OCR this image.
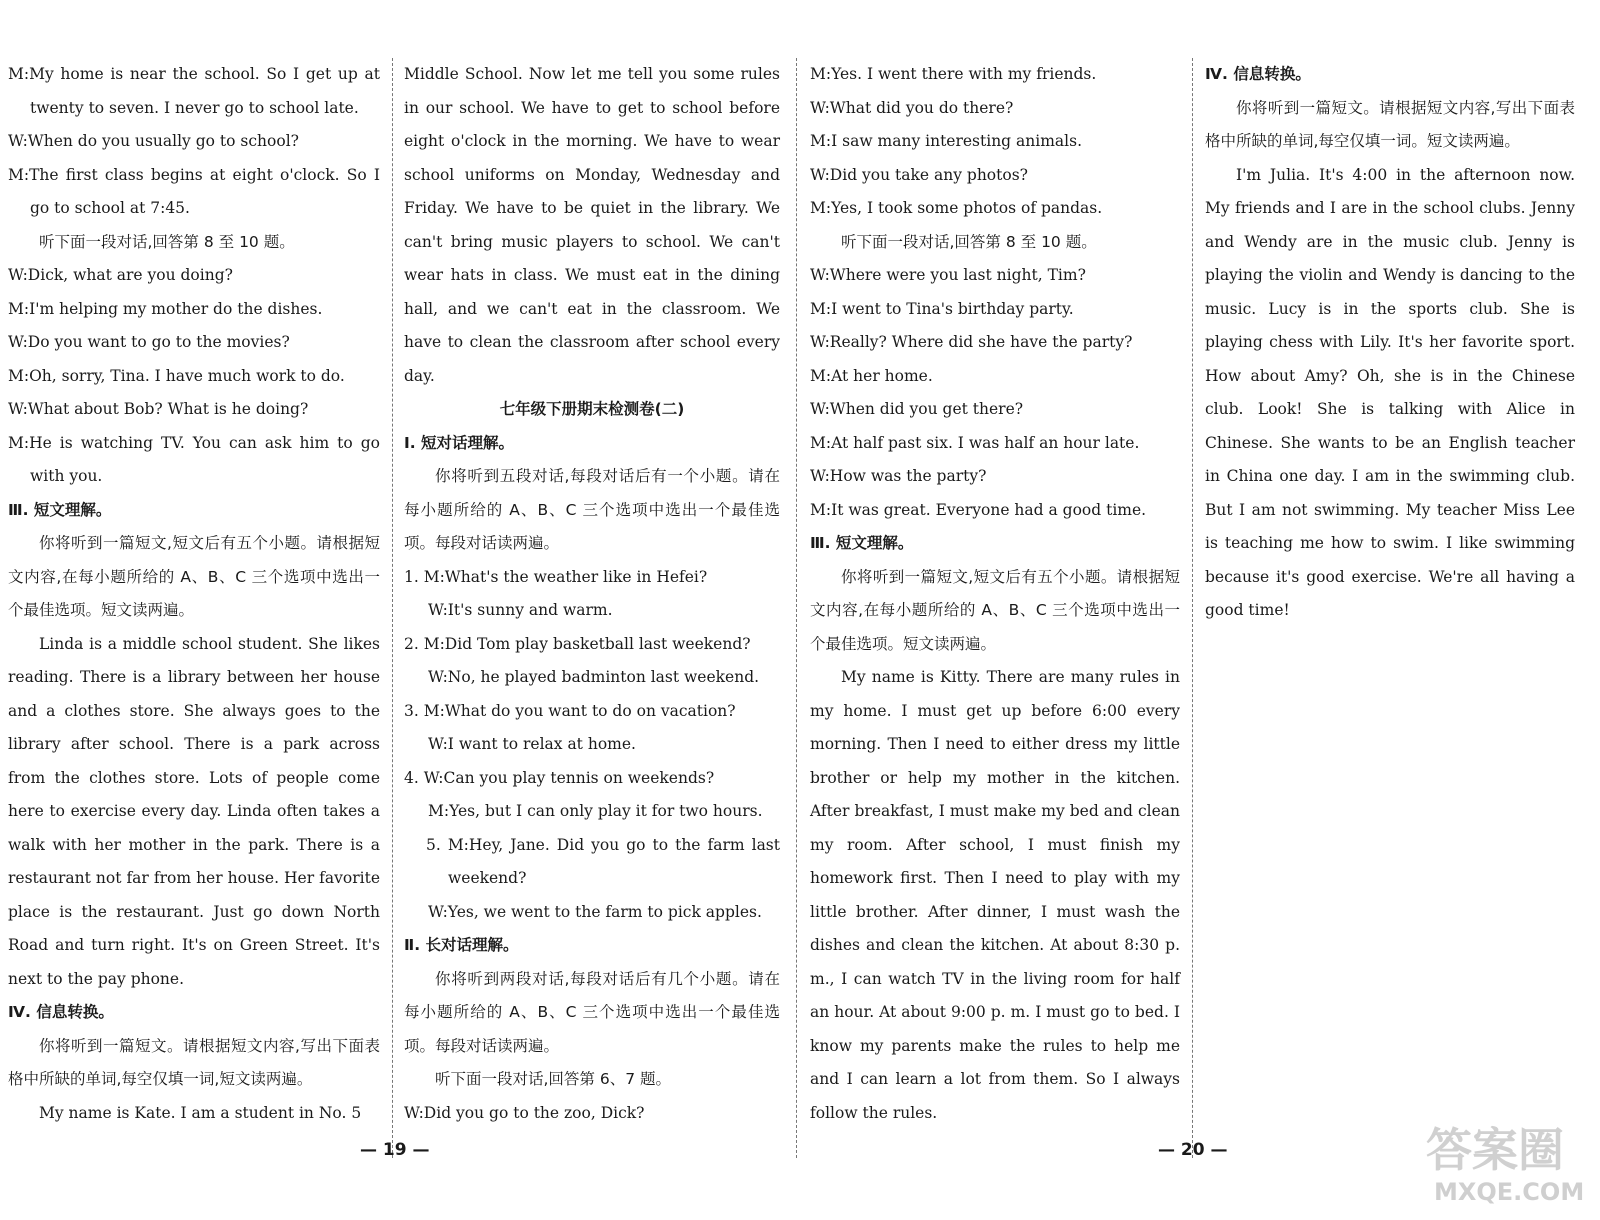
M:My home is near the school. So I get up at twenty to seven. I never go to school late.

W:When do you usually go to school?

M:The first class begins at eight o'clock. So I go to school at 7:45.

听下面一段对话,回答第 8 至 10 题。

W:Dick, what are you doing?

M:I'm helping my mother do the dishes.

W:Do you want to go to the movies?

M:Oh, sorry, Tina. I have much work to do.

W:What about Bob? What is he doing?

M:He is watching TV. You can ask him to go with you.

Ⅲ. 短文理解。

你将听到一篇短文,短文后有五个小题。请根据短文内容,在每小题所给的 A、B、C 三个选项中选出一个最佳选项。短文读两遍。

Linda is a middle school student. She likes reading. There is a library between her house and a clothes store. She always goes to the library after school. There is a park across from the clothes store. Lots of people come here to exercise every day. Linda often takes a walk with her mother in the park. There is a restaurant not far from her house. Her favorite place is the restaurant. Just go down North Road and turn right. It's on Green Street. It's next to the pay phone.

Ⅳ. 信息转换。

你将听到一篇短文。请根据短文内容,写出下面表格中所缺的单词,每空仅填一词,短文读两遍。

My name is Kate. I am a student in No. 5

Middle School. Now let me tell you some rules in our school. We have to get to school before eight o'clock in the morning. We have to wear school uniforms on Monday, Wednesday and Friday. We have to be quiet in the library. We can't bring music players to school. We can't wear hats in class. We must eat in the dining hall, and we can't eat in the classroom. We have to clean the classroom after school every day.

七年级下册期末检测卷(二)

Ⅰ. 短对话理解。

你将听到五段对话,每段对话后有一个小题。请在每小题所给的 A、B、C 三个选项中选出一个最佳选项。每段对话读两遍。

1. M:What's the weather like in Hefei?

W:It's sunny and warm.

2. M:Did Tom play basketball last weekend?

W:No, he played badminton last weekend.

3. M:What do you want to do on vacation?

W:I want to relax at home.

4. W:Can you play tennis on weekends?

M:Yes, but I can only play it for two hours.

5. M:Hey, Jane. Did you go to the farm last weekend?

W:Yes, we went to the farm to pick apples.

Ⅱ. 长对话理解。

你将听到两段对话,每段对话后有几个小题。请在每小题所给的 A、B、C 三个选项中选出一个最佳选项。每段对话读两遍。

听下面一段对话,回答第 6、7 题。

W:Did you go to the zoo, Dick?

M:Yes. I went there with my friends.

W:What did you do there?

M:I saw many interesting animals.

W:Did you take any photos?

M:Yes, I took some photos of pandas.

听下面一段对话,回答第 8 至 10 题。

W:Where were you last night, Tim?

M:I went to Tina's birthday party.

W:Really? Where did she have the party?

M:At her home.

W:When did you get there?

M:At half past six. I was half an hour late.

W:How was the party?

M:It was great. Everyone had a good time.

Ⅲ. 短文理解。

你将听到一篇短文,短文后有五个小题。请根据短文内容,在每小题所给的 A、B、C 三个选项中选出一个最佳选项。短文读两遍。

My name is Kitty. There are many rules in my home. I must get up before 6:00 every morning. Then I need to either dress my little brother or help my mother in the kitchen. After breakfast, I must make my bed and clean my room. After school, I must finish my homework first. Then I need to play with my little brother. After dinner, I must wash the dishes and clean the kitchen. At about 8:30 p. m., I can watch TV in the living room for half an hour. At about 9:00 p. m. I must go to bed. I know my parents make the rules to help me and I can learn a lot from them. So I always follow the rules.

Ⅳ. 信息转换。

你将听到一篇短文。请根据短文内容,写出下面表格中所缺的单词,每空仅填一词。短文读两遍。

I'm Julia. It's 4:00 in the afternoon now. My friends and I are in the school clubs. Jenny and Wendy are in the music club. Jenny is playing the violin and Wendy is dancing to the music. Lucy is in the sports club. She is playing chess with Lily. It's her favorite sport. How about Amy? Oh, she is in the Chinese club. Look! She is talking with Alice in Chinese. She wants to be an English teacher in China one day. I am in the swimming club. But I am not swimming. My teacher Miss Lee is teaching me how to swim. I like swimming because it's good exercise. We're all having a good time!

— 19 —	— 20 —	答案圈
MXQE.COM
